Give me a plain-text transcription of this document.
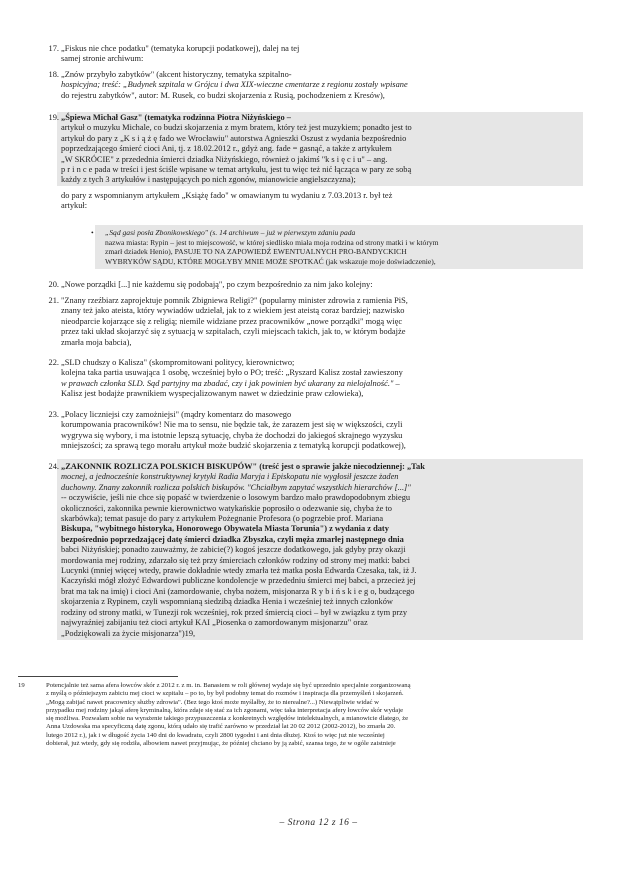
17. „Fiskus nie chce podatku" (tematyka korupcji podatkowej), dalej na tej
samej stronie archiwum:
18. „Znów przybyło zabytków" (akcent historyczny, tematyka szpitalno-
hospicyjna; treść: „Budynek szpitala w Grójcu i dwa XIX-wieczne cmentarze z regionu zostały wpisane
do rejestru zabytków", autor: M. Rusek, co budzi skojarzenia z Rusią, pochodzeniem z Kresów),
19. „Śpiewa Michał Gasz" (tematyka rodzinna Piotra Niżyńskiego –
artykuł o muzyku Michale, co budzi skojarzenia z mym bratem, który też jest muzykiem; ponadto jest to
artykuł do pary z „K s i ą ż ę fado we Wrocławiu" autorstwa Agnieszki Oszust z wydania bezpośrednio
poprzedzającego śmierć cioci Ani, tj. z 18.02.2012 r., gdyż ang. fade = gasnąć, a także z artykułem
„W SKRÓCIE" z przedednia śmierci dziadka Niżyńskiego, również o jakimś "k s i ę c i u" – ang.
p r i n c e pada w treści i jest ściśle wpisane w temat artykułu, jest tu więc też nić łącząca w pary ze sobą
każdy z tych 3 artykułów i następujących po nich zgonów, mianowicie angielszczyzna);
do pary z wspomnianym artykułem „Książę fado" w omawianym tu wydaniu z 7.03.2013 r. był też
artykuł:
• „Sąd gasi posła Zbonikowskiego" (s. 14 archiwum – już w pierwszym zdaniu pada
nazwa miasta: Rypin – jest to miejscowość, w której siedlisko miała moja rodzina od strony matki i w którym
zmarł dziadek Henio), PASUJE TO NA ZAPOWIEDŹ EWENTUALNYCH PRO-BANDYCKICH
WYBRYKÓW SĄDU, KTÓRE MOGŁYBY MNIE MOŻE SPOTKAĆ (jak wskazuje moje doświadczenie),
20. „Nowe porządki [...] nie każdemu się podobają", po czym bezpośrednio za nim jako kolejny:
21. "Znany rzeźbiarz zaprojektuje pomnik Zbigniewa Religi?" (popularny minister zdrowia z ramienia PiS,
znany też jako ateista, który wywiadów udzielał, jak to z wiekiem jest ateistą coraz bardziej; nazwisko
nieodparcie kojarzące się z religią; niemile widziane przez pracowników „nowe porządki" mogą więc
przez taki układ skojarzyć się z sytuacją w szpitalach, czyli miejscach takich, jak to, w którym bodajże
zmarła moja babcia),
22. „SLD chudszy o Kalisza" (skompromitowani politycy, kierownictwo;
kolejna taka partia usuwająca 1 osobę, wcześniej było o PO; treść: „Ryszard Kalisz został zawieszony
w prawach członka SLD. Sąd partyjny ma zbadać, czy i jak powinien być ukarany za nielojalność." –
Kalisz jest bodajże prawnikiem wyspecjalizowanym nawet w dziedzinie praw człowieka),
23. „Polacy liczniejsi czy zamożniejsi" (mądry komentarz do masowego
korumpowania pracowników! Nie ma to sensu, nie będzie tak, że zarazem jest się w większości, czyli
wygrywa się wybory, i ma istotnie lepszą sytuację, chyba że dochodzi do jakiegoś skrajnego wyzysku
mniejszości; za sprawą tego morału artykuł może budzić skojarzenia z tematyką korupcji podatkowej),
24. „ZAKONNIK ROZLICZA POLSKICH BISKUPÓW" (treść jest o sprawie jakże niecodziennej: „Tak
mocnej, a jednocześnie konstruktywnej krytyki Radia Maryja i Episkopatu nie wygłosił jeszcze żaden
duchowny. Znany zakonnik rozlicza polskich biskupów. "Chciałbym zapytać wszystkich hierarchów [...]"
-- oczywiście, jeśli nie chce się popaść w twierdzenie o losowym bardzo mało prawdopodobnym zbiegu
okoliczności, zakonnika pewnie kierownictwo watykańskie poprosiło o odezwanie się, chyba że to
skarbówka); temat pasuje do pary z artykułem Pożegnanie Profesora (o pogrzebie prof. Mariana
Biskupa, "wybitnego historyka, Honorowego Obywatela Miasta Torunia") z wydania z daty
bezpośrednio poprzedzającej datę śmierci dziadka Zbyszka, czyli męża zmarłej następnego dnia
babci Niżyńskiej; ponadto zauważmy, że zabicie(?) kogoś jeszcze dodatkowego, jak gdyby przy okazji
mordowania mej rodziny, zdarzało się też przy śmierciach członków rodziny od strony mej matki: babci
Lucynki (mniej więcej wtedy, prawie dokładnie wtedy zmarła też matka posła Edwarda Czesaka, tak, iż J.
Kaczyński mógł złożyć Edwardowi publiczne kondolencje w przededniu śmierci mej babci, a przecież jej
brat ma tak na imię) i cioci Ani (zamordowanie, chyba nożem, misjonarza R y b i ń s k i e g o, budzącego
skojarzenia z Rypinem, czyli wspomnianą siedzibą dziadka Henia i wcześniej też innych członków
rodziny od strony matki, w Tunezji rok wcześniej, rok przed śmiercią cioci – był w związku z tym przy
najwyraźniej zabijaniu też cioci artykuł KAI „Piosenka o zamordowanym misjonarzu" oraz
„Podziękowali za życie misjonarza")19,
19	Potencjalnie też sama afera łowców skór z 2012 r. z m. in. Banasiem w roli głównej wydaje się być uprzednio specjalnie zorganizowaną
z myślą o późniejszym zabiciu mej cioci w szpitalu – po to, by był podobny temat do rozmów i inspiracja dla przemyśleń i skojarzeń.
„Mogą zabijać nawet pracownicy służby zdrowia". (Bez tego ktoś może myślałby, że to nierealne?...) Niewątpliwie widać w
przypadku mej rodziny jakąś aferę kryminalną, która zdaje się stać za ich zgonami, więc taka interpretacja afery łowców skór wydaje
się możliwa. Pozwalam sobie na wyrażenie takiego przypuszczenia z konkretnych względów intelektualnych, a mianowicie dlatego, że
Anna Uzdowska ma specyficzną datę zgonu, którą udało się trafić zarówno w przedział lat 20 02 2012 (2002-2012), bo zmarła 20.
lutego 2012 r.), jak i w długość życia 140 dni do kwadratu, czyli 2800 tygodni i ani dnia dłużej. Ktoś to więc już nie wcześniej
dobierał, już wtedy, gdy się rodziła, albowiem nawet przyjmując, że później chciano by ją zabić, szansa tego, że w ogóle zaistnieje
– Strona 12 z 16 –
